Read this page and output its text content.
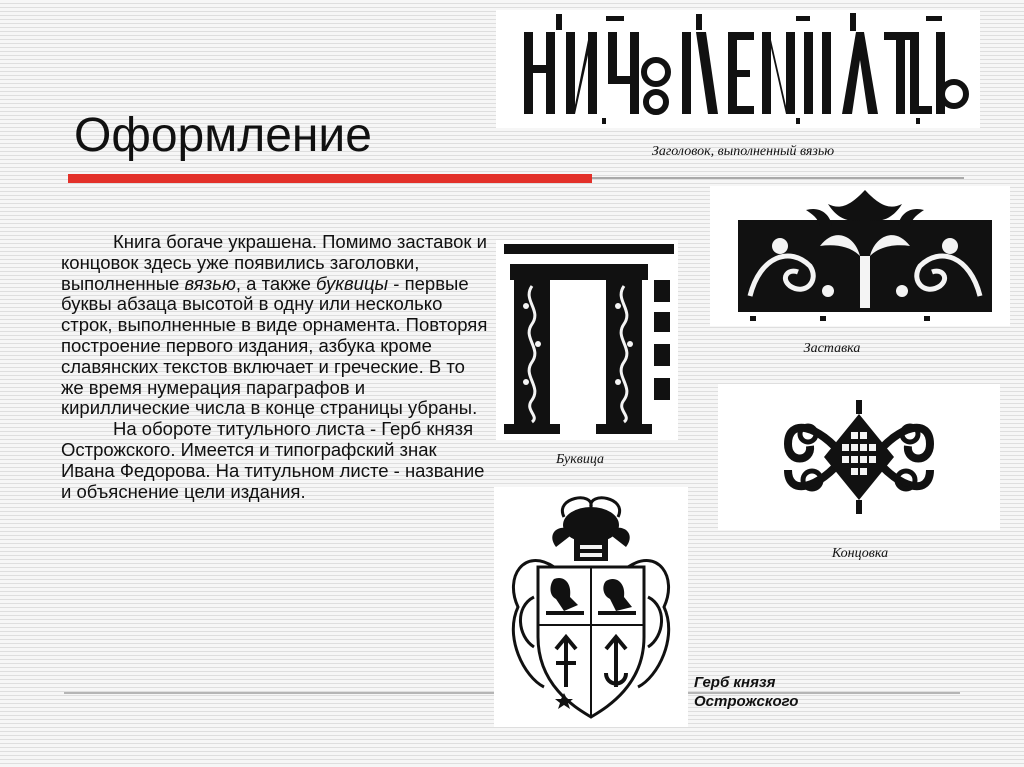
Оформление

Книга богаче украшена. Помимо заставок и концовок здесь уже появились заголовки, выполненные вязью, а также буквицы - первые буквы абзаца высотой в одну или несколько строк, выполненные в виде орнамента. Повторяя построение первого издания, азбука кроме славянских текстов включает и греческие. В то же время нумерация параграфов и кириллические числа в конце страницы убраны.

На обороте титульного листа - Герб князя Острожского. Имеется и типографский знак Ивана Федорова. На титульном листе - название и объяснение цели издания.

Заголовок, выполненный вязью
Заставка
Буквица
Концовка
Герб князя Острожского
